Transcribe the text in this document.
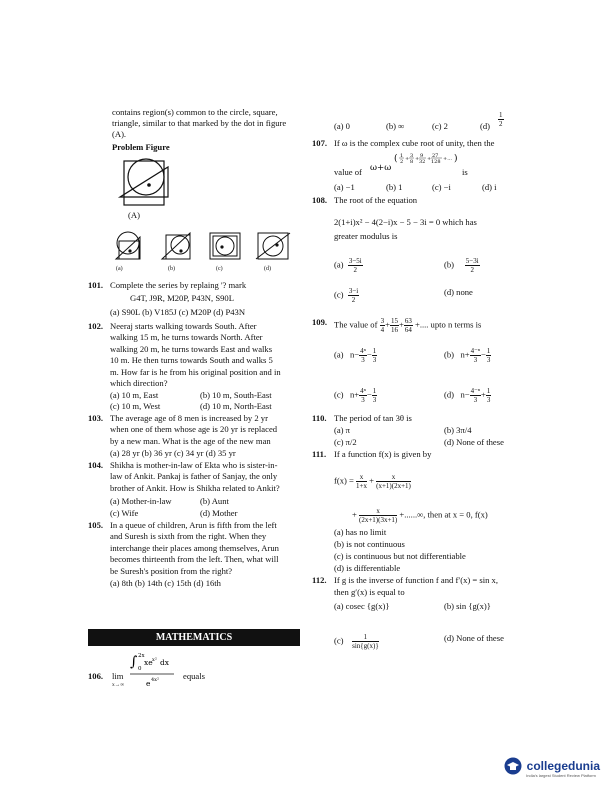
contains region(s) common to the circle, square,
triangle, similar to that marked by the dot in figure
(A).
Problem Figure
(A)
(a)	(b)	(c)	(d)
101. Complete the series by replaing '? mark
G4T, J9R, M20P, P43N, S90L
(a) S90L (b) V185J (c) M20P (d) P43N
102. Neeraj starts walking towards South. After
walking 15 m, he turns towards North. After
walking 20 m, he turns towards East and walks
10 m. He then turns towards South and walks 5
m. How far is he from his original position and in
which direction?
(a) 10 m, East	(b) 10 m, South-East
(c) 10 m, West	(d) 10 m, North-East
103. The average age of 8 men is increased by 2 yr
when one of them whose age is 20 yr is replaced
by a new man. What is the age of the new man
(a) 28 yr (b) 36 yr (c) 34 yr (d) 35 yr
104. Shikha is mother-in-law of Ekta who is sister-in-
law of Ankit. Pankaj is father of Sanjay, the only
brother of Ankit. How is Shikha related to Ankit?
(a) Mother-in-law	(b) Aunt
(c) Wife	(d) Mother
105. In a queue of children, Arun is fifth from the left
and Suresh is sixth from the right. When they
interchange their places among themselves, Arun
becomes thirteenth from the left. Then, what will
be Suresh's position from the right?
(a) 8th (b) 14th (c) 15th (d) 16th
MATHEMATICS
106. lim
x→∞
∫ 2x
0
xe x² dx
e 4x²	equals
(a) 0	(b) ∞	(c) 2	$(d) \frac{1}{2}$
107. If ω is the complex cube root of unity, then the
value of ω+ω
( 1
2 + 3
8 + 9
32 + 27
128 +... )
is
(a) −1	(b) 1	(c) −i	(d) i
108. The root of the equation
2(1+i)x² − 4(2−i)x − 5 − 3i = 0 which has
greater modulus is
$(a) \frac{3-5i}{2}$	$(b) \frac{5-3i}{2}$
$(c) \frac{3-i}{2}$	(d) none
109. The value of $\frac{3}{4} + \frac{15}{16} + \frac{63}{64}$ +.... upto n terms is
(a)   $n- \frac{\text{4ⁿ}}{3} - \frac{1}{3}$	(b)   $n+ \frac{\text{4⁻ⁿ}}{3} - \frac{1}{3}$
(c)   $n+ \frac{\text{4ⁿ}}{3} - \frac{1}{3}$	(d)   $n- \frac{\text{4⁻ⁿ}}{3} + \frac{1}{3}$
110. The period of tan 3θ is
(a) π	(b) 3π/4
(c) π/2	(d) None of these
111. If a function f(x) is given by
$f(x) = \frac{x}{1+x} + \frac{x}{(x+1)(2x+1)}$
+ $\frac{x}{(2x+1)(3x+1)}$ +......∞, then at x = 0, f(x)
(a) has no limit
(b) is not continuous
(c) is continuous but not differentiable
(d) is differentiable
112. If g is the inverse of function f and f′(x) = sin x,
then g′(x) is equal to
(a) cosec {g(x)}	(b) sin {g(x)}
$(c) \frac{1}{\sin\{g(x)\}}$	(d) None of these
collegedunia
India's largest Student Review Platform
